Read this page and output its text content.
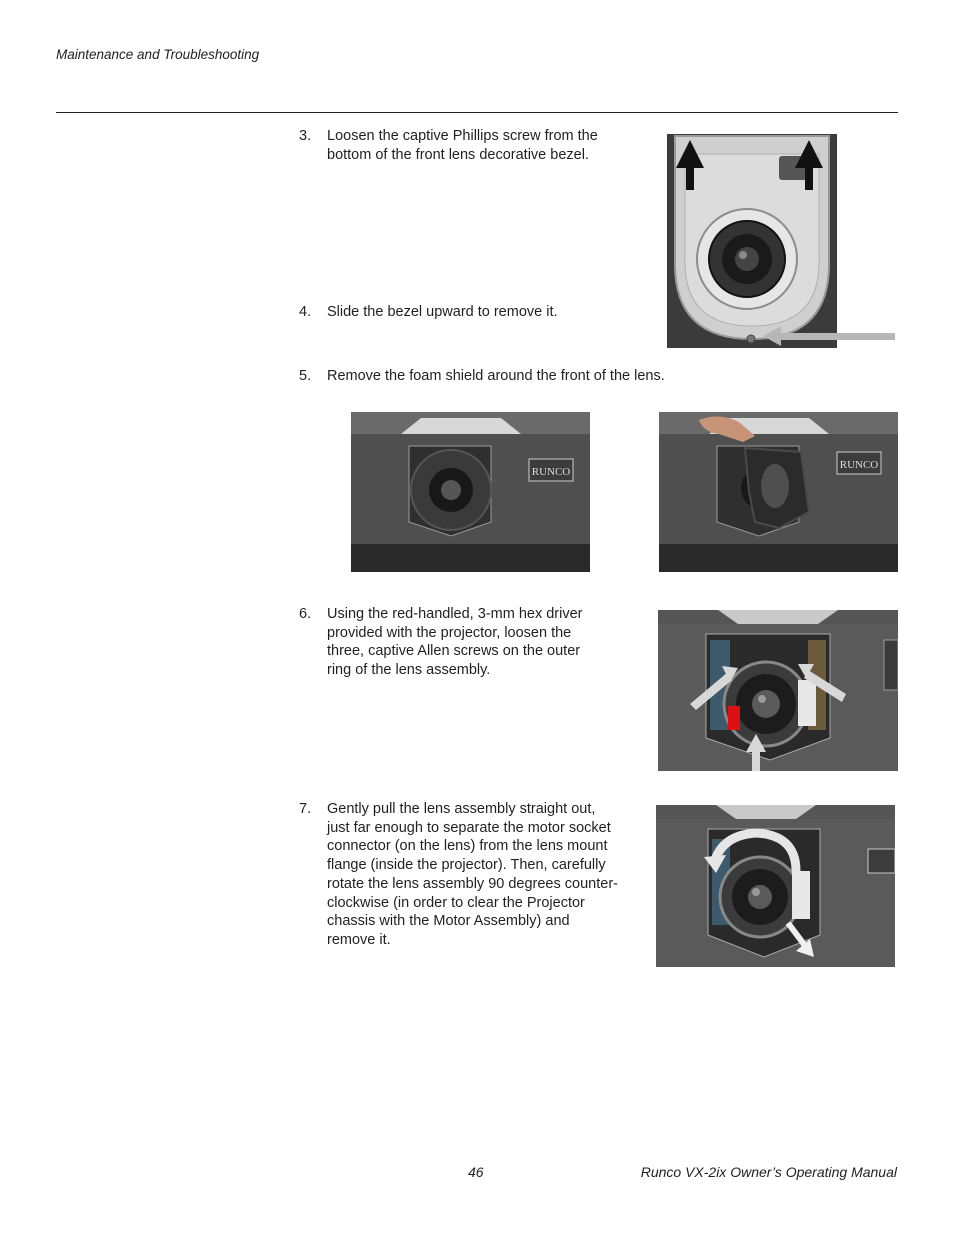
Maintenance and Troubleshooting
3. Loosen the captive Phillips screw from the bottom of the front lens decorative bezel.
4. Slide the bezel upward to remove it.
5. Remove the foam shield around the front of the lens.
6. Using the red-handled, 3-mm hex driver provided with the projector, loosen the three, captive Allen screws on the outer ring of the lens assembly.
7. Gently pull the lens assembly straight out, just far enough to separate the motor socket connector (on the lens) from the lens mount flange (inside the projector). Then, carefully rotate the lens assembly 90 degrees counter-clockwise (in order to clear the Projector chassis with the Motor Assembly) and remove it.
RUNCO
RUNCO
46	Runco VX-2ix Owner’s Operating Manual
